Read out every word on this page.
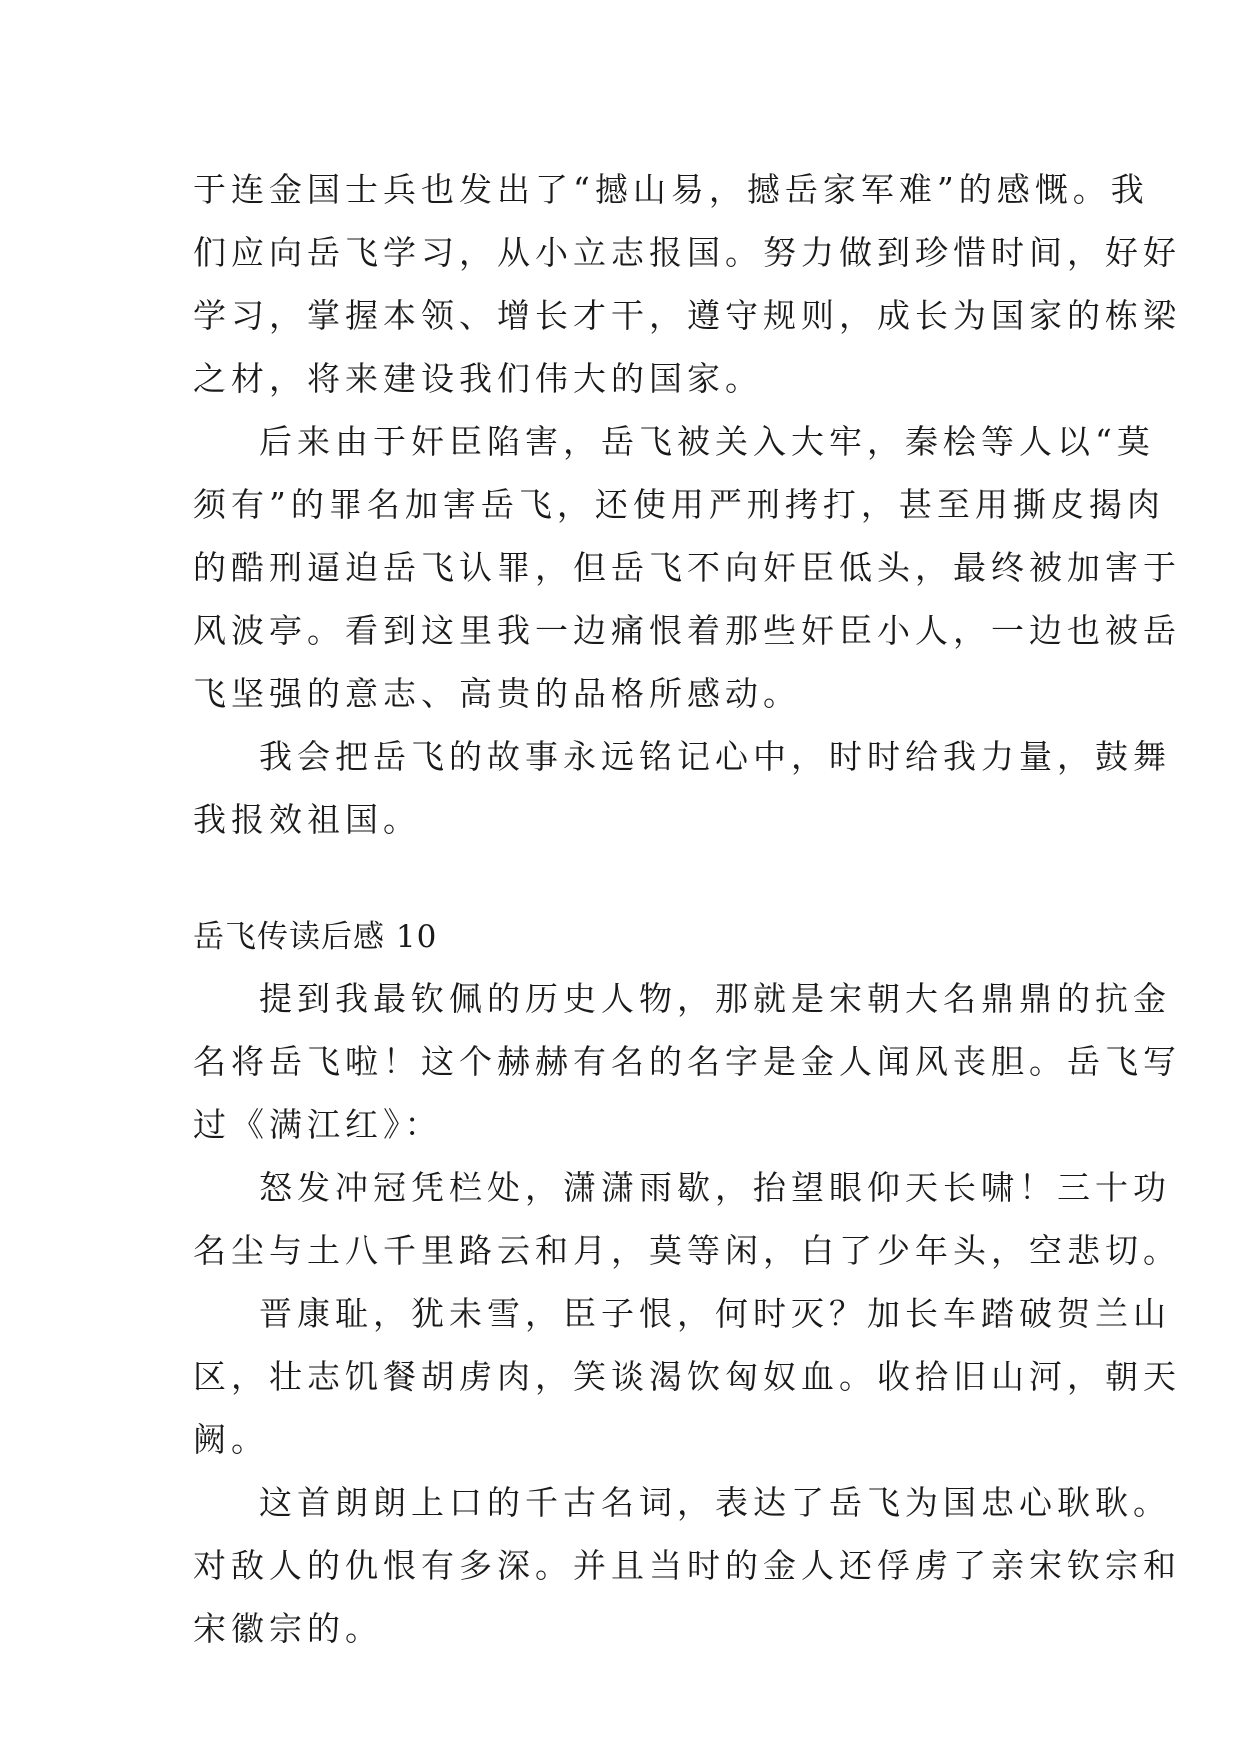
于连金国士兵也发出了“撼山易，撼岳家军难”的感慨。我
们应向岳飞学习，从小立志报国。努力做到珍惜时间，好好
学习，掌握本领、增长才干，遵守规则，成长为国家的栋梁
之材，将来建设我们伟大的国家。
后来由于奸臣陷害，岳飞被关入大牢，秦桧等人以“莫
须有”的罪名加害岳飞，还使用严刑拷打，甚至用撕皮揭肉
的酷刑逼迫岳飞认罪，但岳飞不向奸臣低头，最终被加害于
风波亭。看到这里我一边痛恨着那些奸臣小人，一边也被岳
飞坚强的意志、高贵的品格所感动。
我会把岳飞的故事永远铭记心中，时时给我力量，鼓舞
我报效祖国。
岳飞传读后感 10
提到我最钦佩的历史人物，那就是宋朝大名鼎鼎的抗金
名将岳飞啦！这个赫赫有名的名字是金人闻风丧胆。岳飞写
过《满江红》：
怒发冲冠凭栏处，潇潇雨歇，抬望眼仰天长啸！三十功
名尘与土八千里路云和月，莫等闲，白了少年头，空悲切。
晋康耻，犹未雪，臣子恨，何时灭？加长车踏破贺兰山
区，壮志饥餐胡虏肉，笑谈渴饮匈奴血。收拾旧山河，朝天
阙。
这首朗朗上口的千古名词，表达了岳飞为国忠心耿耿。
对敌人的仇恨有多深。并且当时的金人还俘虏了亲宋钦宗和
宋徽宗的。
